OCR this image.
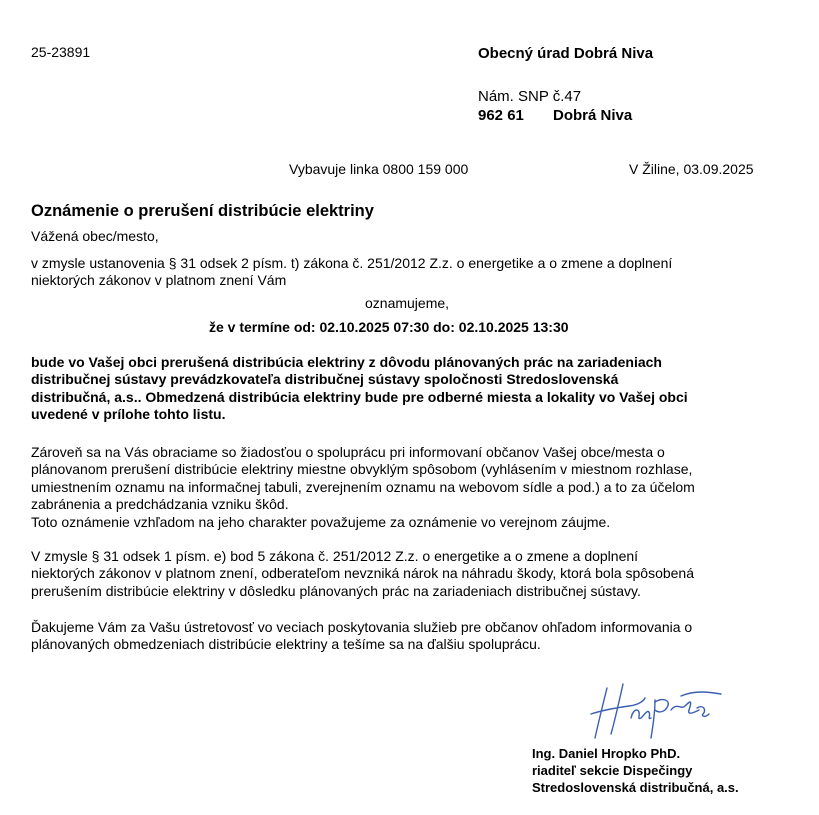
25-23891	Obecný úrad Dobrá Niva
Nám. SNP č.47
962 61 Dobrá Niva
Vybavuje linka 0800 159 000	V Žiline, 03.09.2025
Oznámenie o prerušení distribúcie elektriny
Vážená obec/mesto,
v zmysle ustanovenia § 31 odsek 2 písm. t) zákona č. 251/2012 Z.z. o energetike a o zmene a doplnení
niektorých zákonov v platnom znení Vám
oznamujeme,
že v termíne od: 02.10.2025 07:30 do: 02.10.2025 13:30
bude vo Vašej obci prerušená distribúcia elektriny z dôvodu plánovaných prác na zariadeniach
distribučnej sústavy prevádzkovateľa distribučnej sústavy spoločnosti Stredoslovenská
distribučná, a.s.. Obmedzená distribúcia elektriny bude pre odberné miesta a lokality vo Vašej obci
uvedené v prílohe tohto listu.
Zároveň sa na Vás obraciame so žiadosťou o spoluprácu pri informovaní občanov Vašej obce/mesta o
plánovanom prerušení distribúcie elektriny miestne obvyklým spôsobom (vyhlásením v miestnom rozhlase,
umiestnením oznamu na informačnej tabuli, zverejnením oznamu na webovom sídle a pod.) a to za účelom
zabránenia a predchádzania vzniku škôd.
Toto oznámenie vzhľadom na jeho charakter považujeme za oznámenie vo verejnom záujme.
V zmysle § 31 odsek 1 písm. e) bod 5 zákona č. 251/2012 Z.z. o energetike a o zmene a doplnení
niektorých zákonov v platnom znení, odberateľom nevzniká nárok na náhradu škody, ktorá bola spôsobená
prerušením distribúcie elektriny v dôsledku plánovaných prác na zariadeniach distribučnej sústavy.
Ďakujeme Vám za Vašu ústretovosť vo veciach poskytovania služieb pre občanov ohľadom informovania o
plánovaných obmedzeniach distribúcie elektriny a tešíme sa na ďalšiu spoluprácu.
Ing. Daniel Hropko PhD.
riaditeľ sekcie Dispečingy
Stredoslovenská distribučná, a.s.
